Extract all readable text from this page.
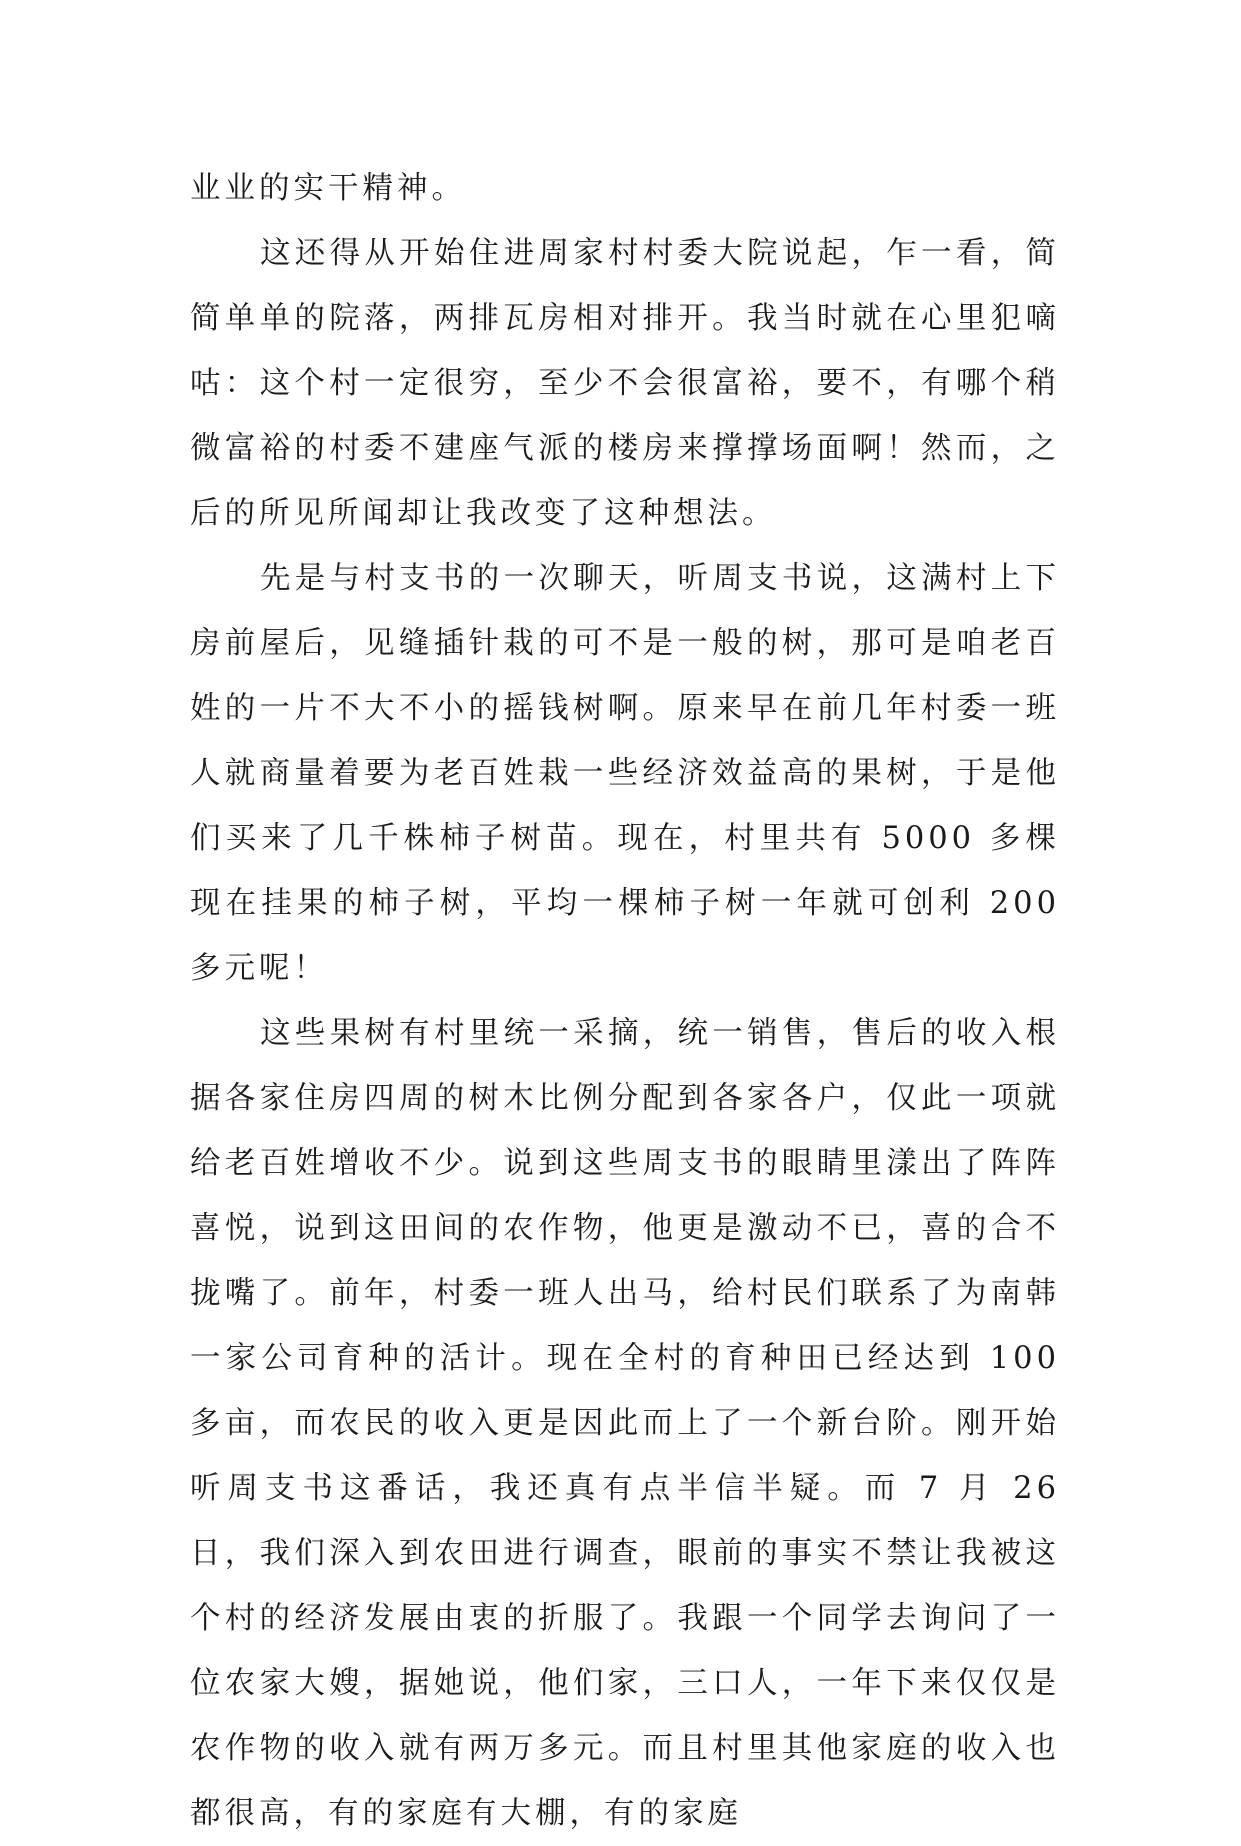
业业的实干精神。

这还得从开始住进周家村村委大院说起，乍一看，简简单单的院落，两排瓦房相对排开。我当时就在心里犯嘀咕：这个村一定很穷，至少不会很富裕，要不，有哪个稍微富裕的村委不建座气派的楼房来撑撑场面啊！然而，之后的所见所闻却让我改变了这种想法。

先是与村支书的一次聊天，听周支书说，这满村上下房前屋后，见缝插针栽的可不是一般的树，那可是咱老百姓的一片不大不小的摇钱树啊。原来早在前几年村委一班人就商量着要为老百姓栽一些经济效益高的果树，于是他们买来了几千株柿子树苗。现在，村里共有 5000 多棵现在挂果的柿子树，平均一棵柿子树一年就可创利 200 多元呢！

这些果树有村里统一采摘，统一销售，售后的收入根据各家住房四周的树木比例分配到各家各户，仅此一项就给老百姓增收不少。说到这些周支书的眼睛里漾出了阵阵喜悦，说到这田间的农作物，他更是激动不已，喜的合不拢嘴了。前年，村委一班人出马，给村民们联系了为南韩一家公司育种的活计。现在全村的育种田已经达到 100 多亩，而农民的收入更是因此而上了一个新台阶。刚开始听周支书这番话，我还真有点半信半疑。而 7 月 26 日，我们深入到农田进行调查，眼前的事实不禁让我被这个村的经济发展由衷的折服了。我跟一个同学去询问了一位农家大嫂，据她说，他们家，三口人，一年下来仅仅是农作物的收入就有两万多元。而且村里其他家庭的收入也都很高，有的家庭有大棚，有的家庭
